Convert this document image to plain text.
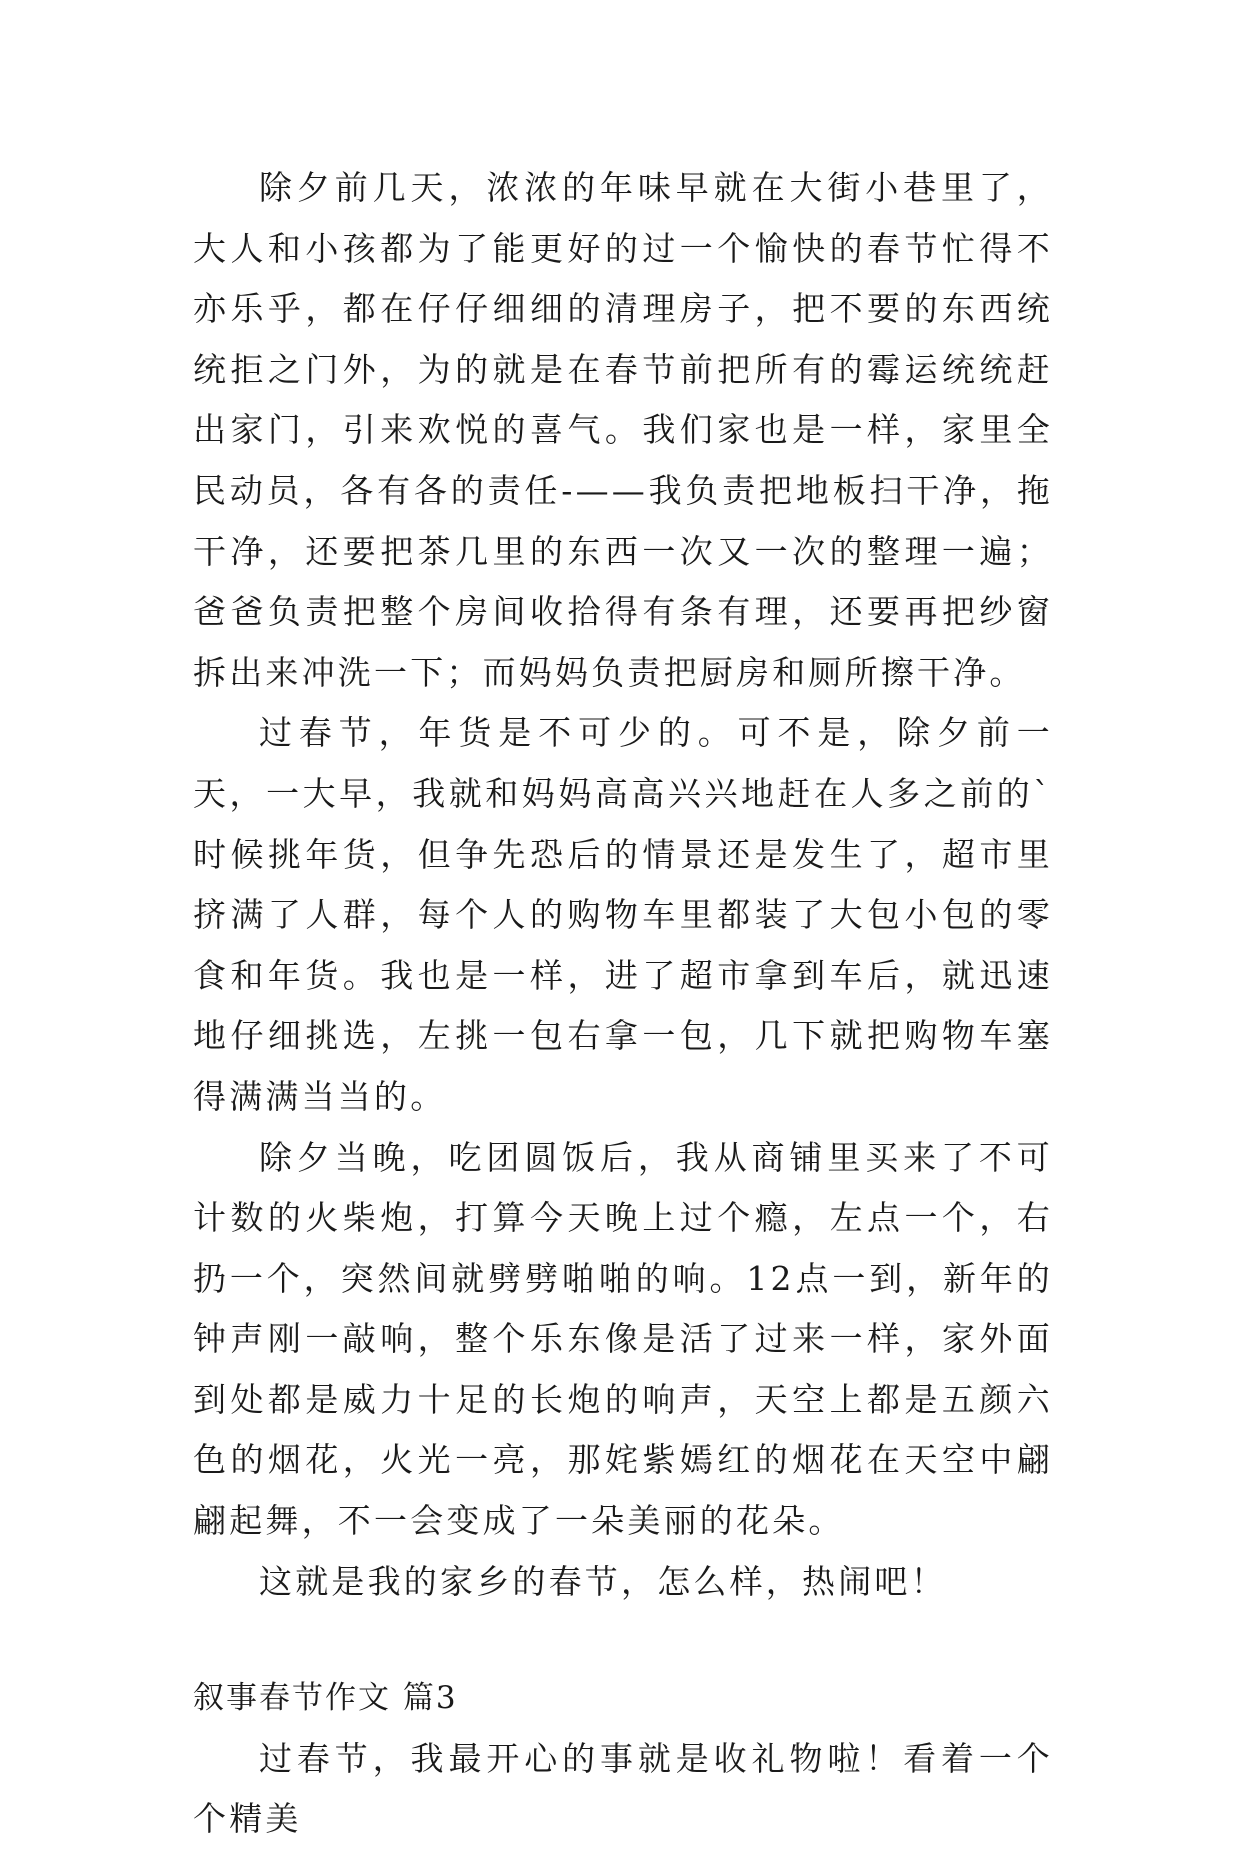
除夕前几天，浓浓的年味早就在大街小巷里了，大人和小孩都为了能更好的过一个愉快的春节忙得不亦乐乎，都在仔仔细细的清理房子，把不要的东西统统拒之门外，为的就是在春节前把所有的霉运统统赶出家门，引来欢悦的喜气。我们家也是一样，家里全民动员，各有各的责任-——我负责把地板扫干净，拖干净，还要把茶几里的东西一次又一次的整理一遍；爸爸负责把整个房间收拾得有条有理，还要再把纱窗拆出来冲洗一下；而妈妈负责把厨房和厕所擦干净。

过春节，年货是不可少的。可不是，除夕前一天，一大早，我就和妈妈高高兴兴地赶在人多之前的`时候挑年货，但争先恐后的情景还是发生了，超市里挤满了人群，每个人的购物车里都装了大包小包的零食和年货。我也是一样，进了超市拿到车后，就迅速地仔细挑选，左挑一包右拿一包，几下就把购物车塞得满满当当的。

除夕当晚，吃团圆饭后，我从商铺里买来了不可计数的火柴炮，打算今天晚上过个瘾，左点一个，右扔一个，突然间就劈劈啪啪的响。12点一到，新年的钟声刚一敲响，整个乐东像是活了过来一样，家外面到处都是威力十足的长炮的响声，天空上都是五颜六色的烟花，火光一亮，那姹紫嫣红的烟花在天空中翩翩起舞，不一会变成了一朵美丽的花朵。

这就是我的家乡的春节，怎么样，热闹吧！

叙事春节作文 篇3

过春节，我最开心的事就是收礼物啦！看着一个个精美
